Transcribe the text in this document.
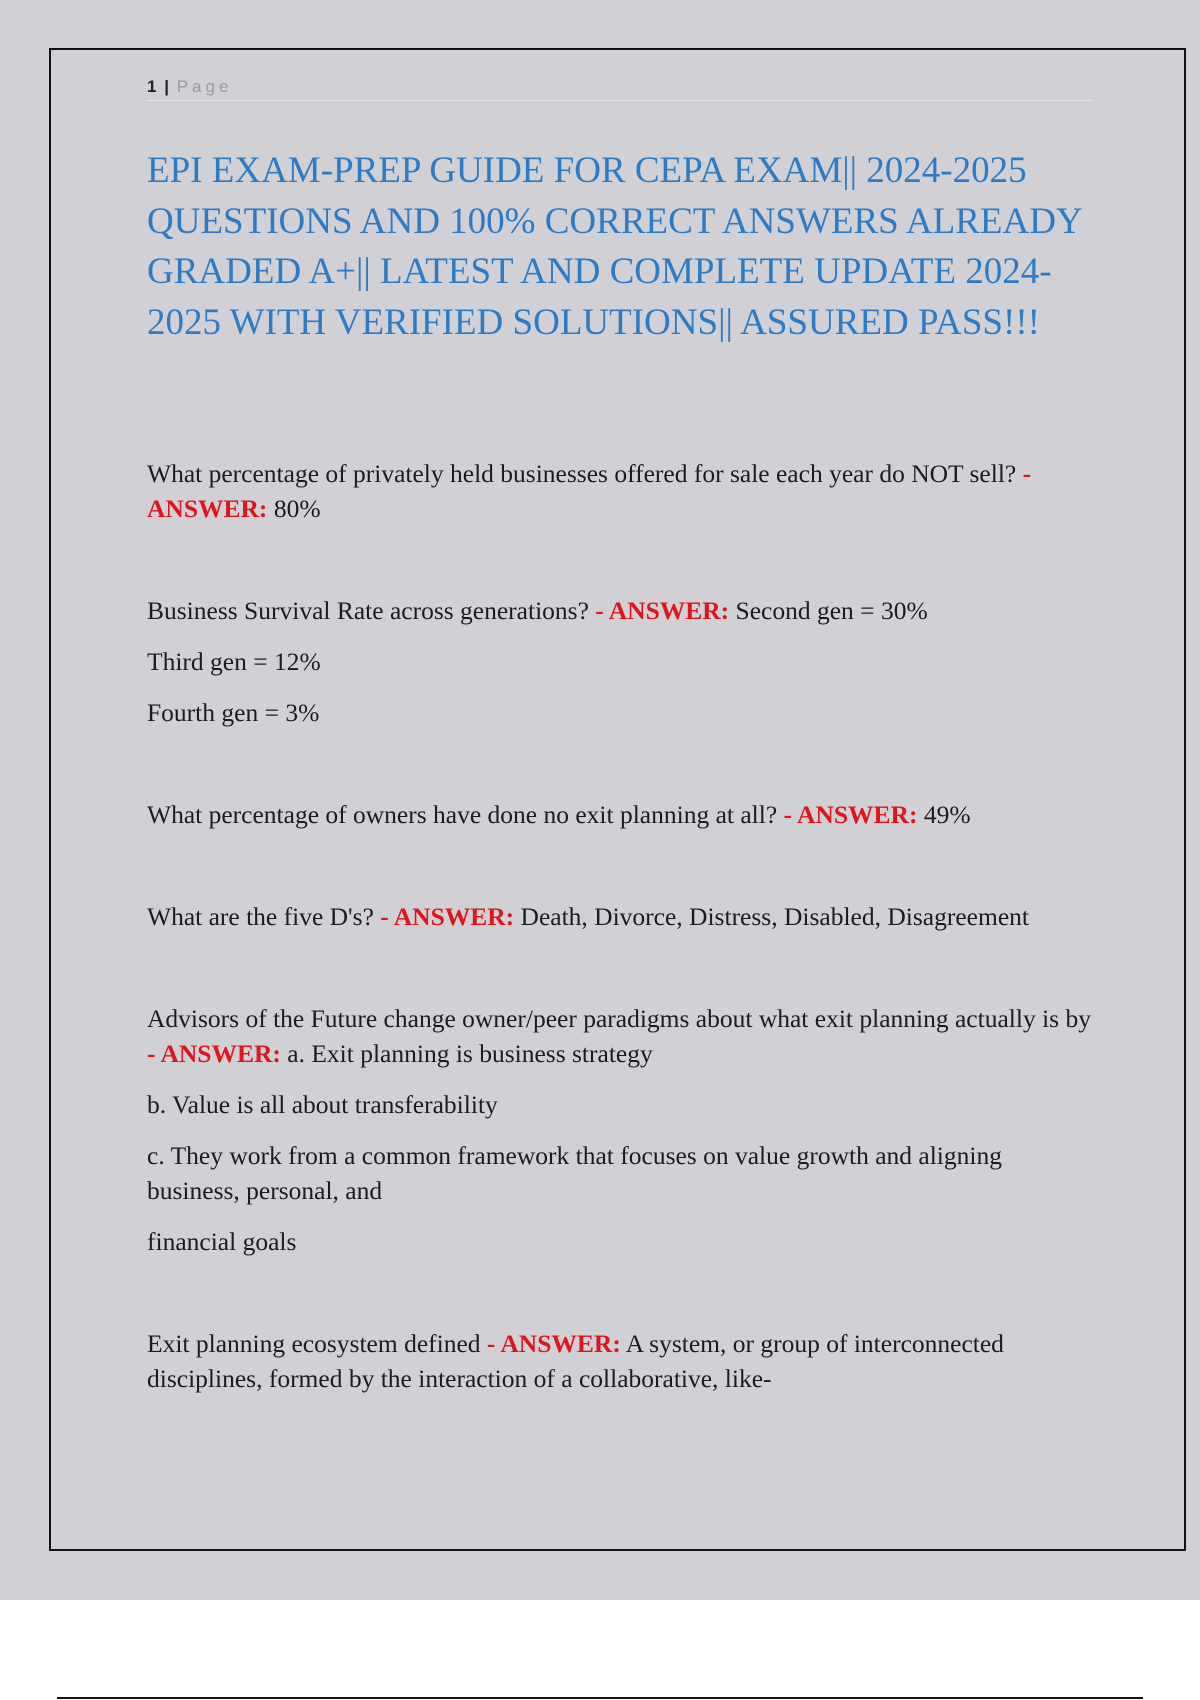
1 | Page
EPI EXAM-PREP GUIDE FOR CEPA EXAM|| 2024-2025 QUESTIONS AND 100% CORRECT ANSWERS ALREADY GRADED A+|| LATEST AND COMPLETE UPDATE 2024-2025 WITH VERIFIED SOLUTIONS|| ASSURED PASS!!!

What percentage of privately held businesses offered for sale each year do NOT sell? - ANSWER: 80%

Business Survival Rate across generations? - ANSWER: Second gen = 30%

Third gen = 12%

Fourth gen = 3%

What percentage of owners have done no exit planning at all? - ANSWER: 49%

What are the five D's? - ANSWER: Death, Divorce, Distress, Disabled, Disagreement

Advisors of the Future change owner/peer paradigms about what exit planning actually is by - ANSWER: a. Exit planning is business strategy

b. Value is all about transferability

c. They work from a common framework that focuses on value growth and aligning business, personal, and

financial goals

Exit planning ecosystem defined - ANSWER: A system, or group of interconnected disciplines, formed by the interaction of a collaborative, like-
